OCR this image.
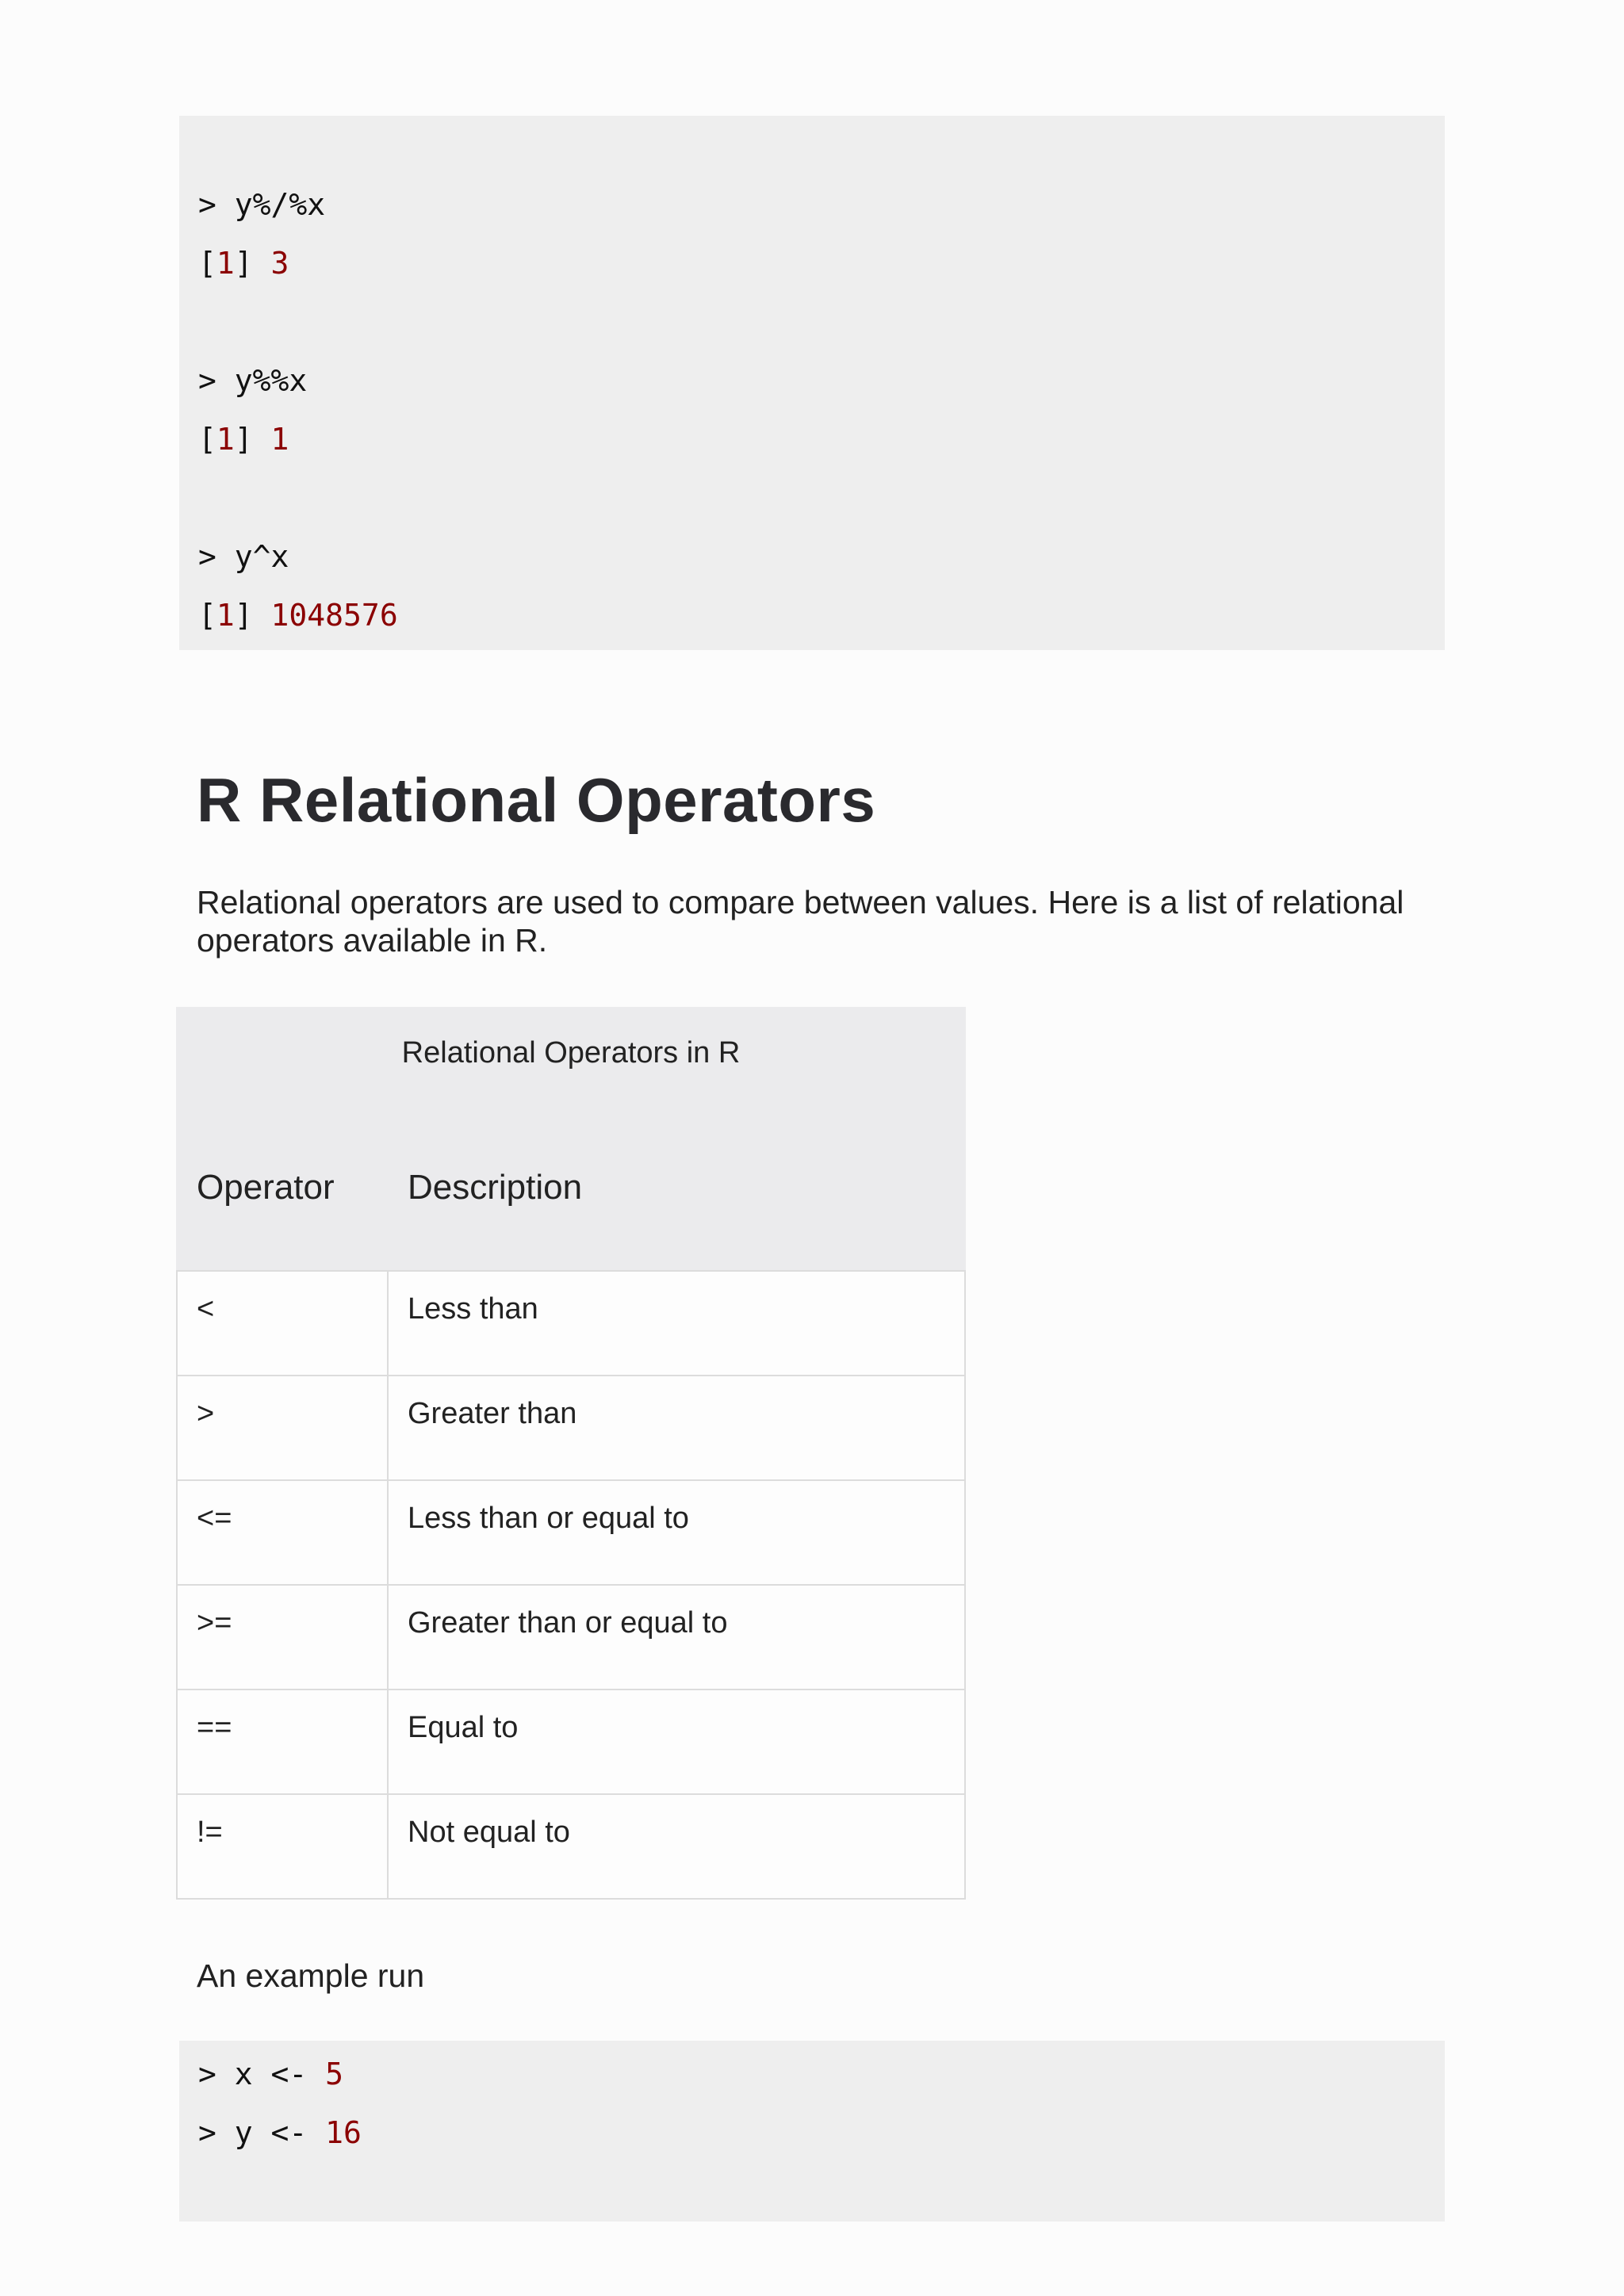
> y%/%x
[1] 3
> y%%x
[1] 1
> y^x
[1] 1048576
R Relational Operators

Relational operators are used to compare between values. Here is a list of relational operators available in R.

Relational Operators in R
Operator Description
<	Less than
>	Greater than
<=	Less than or equal to
>=	Greater than or equal to
==	Equal to
!=	Not equal to
An example run
> x <- 5
> y <- 16
